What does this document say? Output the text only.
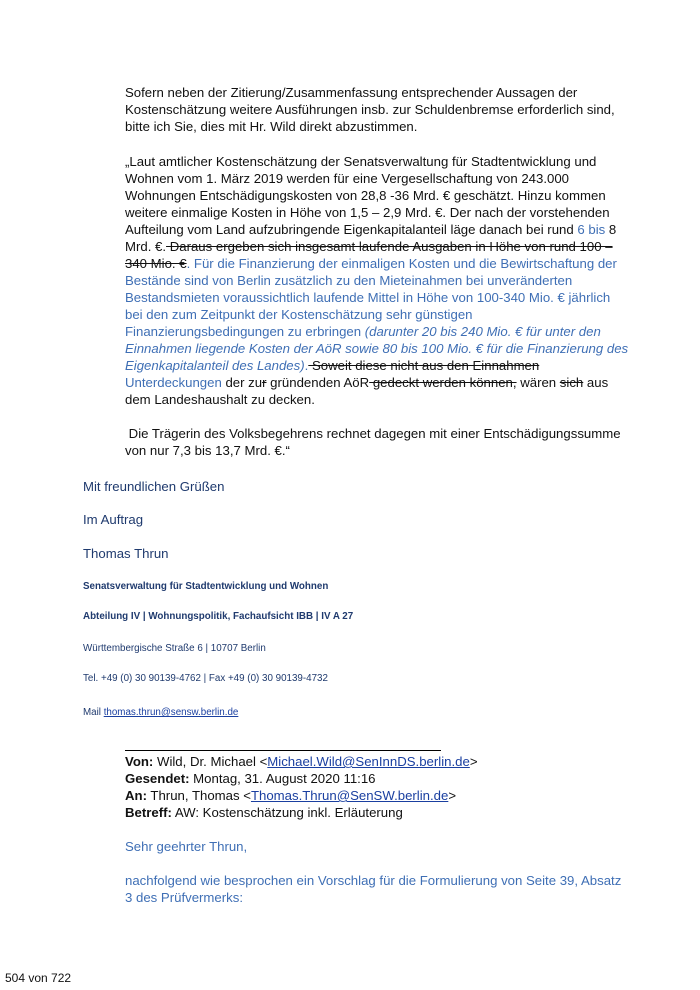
Sofern neben der Zitierung/Zusammenfassung entsprechender Aussagen der
Kostenschätzung weitere Ausführungen insb. zur Schuldenbremse erforderlich sind,
bitte ich Sie, dies mit Hr. Wild direkt abzustimmen.
„Laut amtlicher Kostenschätzung der Senatsverwaltung für Stadtentwicklung und
Wohnen vom 1. März 2019 werden für eine Vergesellschaftung von 243.000
Wohnungen Entschädigungskosten von 28,8 -36 Mrd. € geschätzt. Hinzu kommen
weitere einmalige Kosten in Höhe von 1,5 – 2,9 Mrd. €. Der nach der vorstehenden
Aufteilung vom Land aufzubringende Eigenkapitalanteil läge danach bei rund 6 bis 8
Mrd. €. Daraus ergeben sich insgesamt laufende Ausgaben in Höhe von rund 100 –
340 Mio. €. Für die Finanzierung der einmaligen Kosten und die Bewirtschaftung der
Bestände sind von Berlin zusätzlich zu den Mieteinahmen bei unveränderten
Bestandsmieten voraussichtlich laufende Mittel in Höhe von 100-340 Mio. € jährlich
bei den zum Zeitpunkt der Kostenschätzung sehr günstigen
Finanzierungsbedingungen zu erbringen (darunter 20 bis 240 Mio. € für unter den
Einnahmen liegende Kosten der AöR sowie 80 bis 100 Mio. € für die Finanzierung des
Eigenkapitalanteil des Landes). Soweit diese nicht aus den Einnahmen
Unterdeckungen der zur gründenden AöR gedeckt werden können, wären sich aus
dem Landeshaushalt zu decken.
Die Trägerin des Volksbegehrens rechnet dagegen mit einer Entschädigungssumme
von nur 7,3 bis 13,7 Mrd. €.“
Mit freundlichen Grüßen
Im Auftrag
Thomas Thrun
Senatsverwaltung für Stadtentwicklung und Wohnen
Abteilung IV | Wohnungspolitik, Fachaufsicht IBB | IV A 27
Württembergische Straße 6 | 10707 Berlin
Tel. +49 (0) 30 90139-4762 | Fax +49 (0) 30 90139-4732
Mail thomas.thrun@sensw.berlin.de
Von: Wild, Dr. Michael <Michael.Wild@SenInnDS.berlin.de>
Gesendet: Montag, 31. August 2020 11:16
An: Thrun, Thomas <Thomas.Thrun@SenSW.berlin.de>
Betreff: AW: Kostenschätzung inkl. Erläuterung
Sehr geehrter Thrun,
nachfolgend wie besprochen ein Vorschlag für die Formulierung von Seite 39, Absatz
3 des Prüfvermerks:
504 von 722
